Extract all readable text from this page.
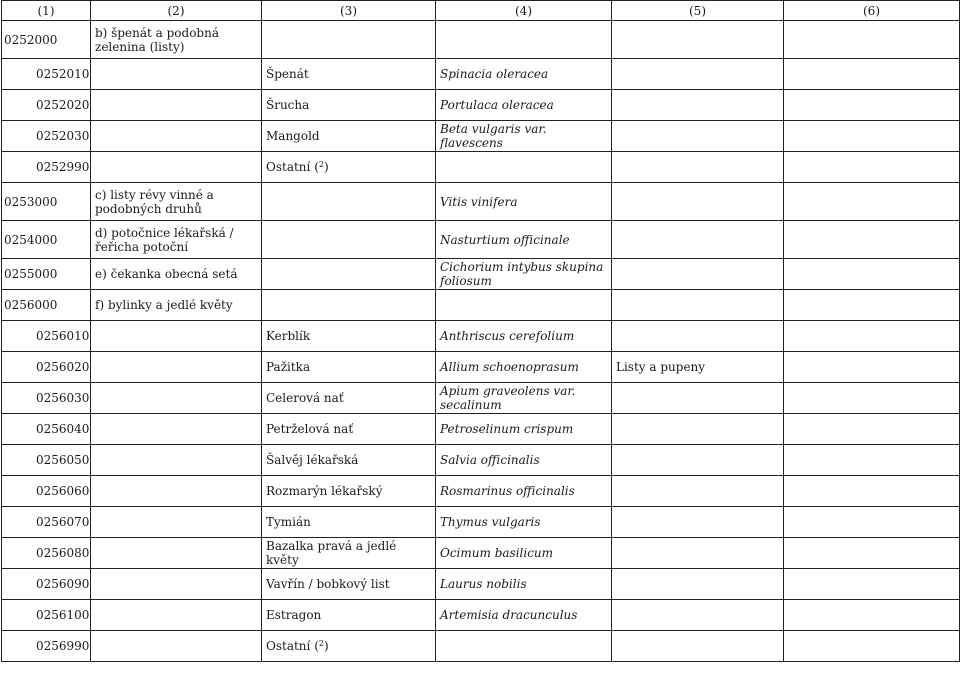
(1)	(2)	(3)	(4)	(5)	(6)
0252000	b) špenát a podobná zelenina (listy)				
0252010		Špenát	Spinacia oleracea		
0252020		Šrucha	Portulaca oleracea		
0252030		Mangold	Beta vulgaris var. flavescens		
0252990		Ostatní ($^2$)			
0253000	c) listy révy vinné a podobných druhů		Vitis vinifera		
0254000	d) potočnice lékařská / řeřicha potoční		Nasturtium officinale		
0255000	e) čekanka obecná setá		Cichorium intybus skupina foliosum		
0256000	f) bylinky a jedlé květy				
0256010		Kerblík	Anthriscus cerefolium		
0256020		Pažitka	Allium schoenoprasum	Listy a pupeny	
0256030		Celerová nať	Apium graveolens var. secalinum		
0256040		Petrželová nať	Petroselinum crispum		
0256050		Šalvěj lékařská	Salvia officinalis		
0256060		Rozmarýn lékařský	Rosmarinus officinalis		
0256070		Tymián	Thymus vulgaris		
0256080		Bazalka pravá a jedlé květy	Ocimum basilicum		
0256090		Vavřín / bobkový list	Laurus nobilis		
0256100		Estragon	Artemisia dracunculus		
0256990		Ostatní ($^2$)			
